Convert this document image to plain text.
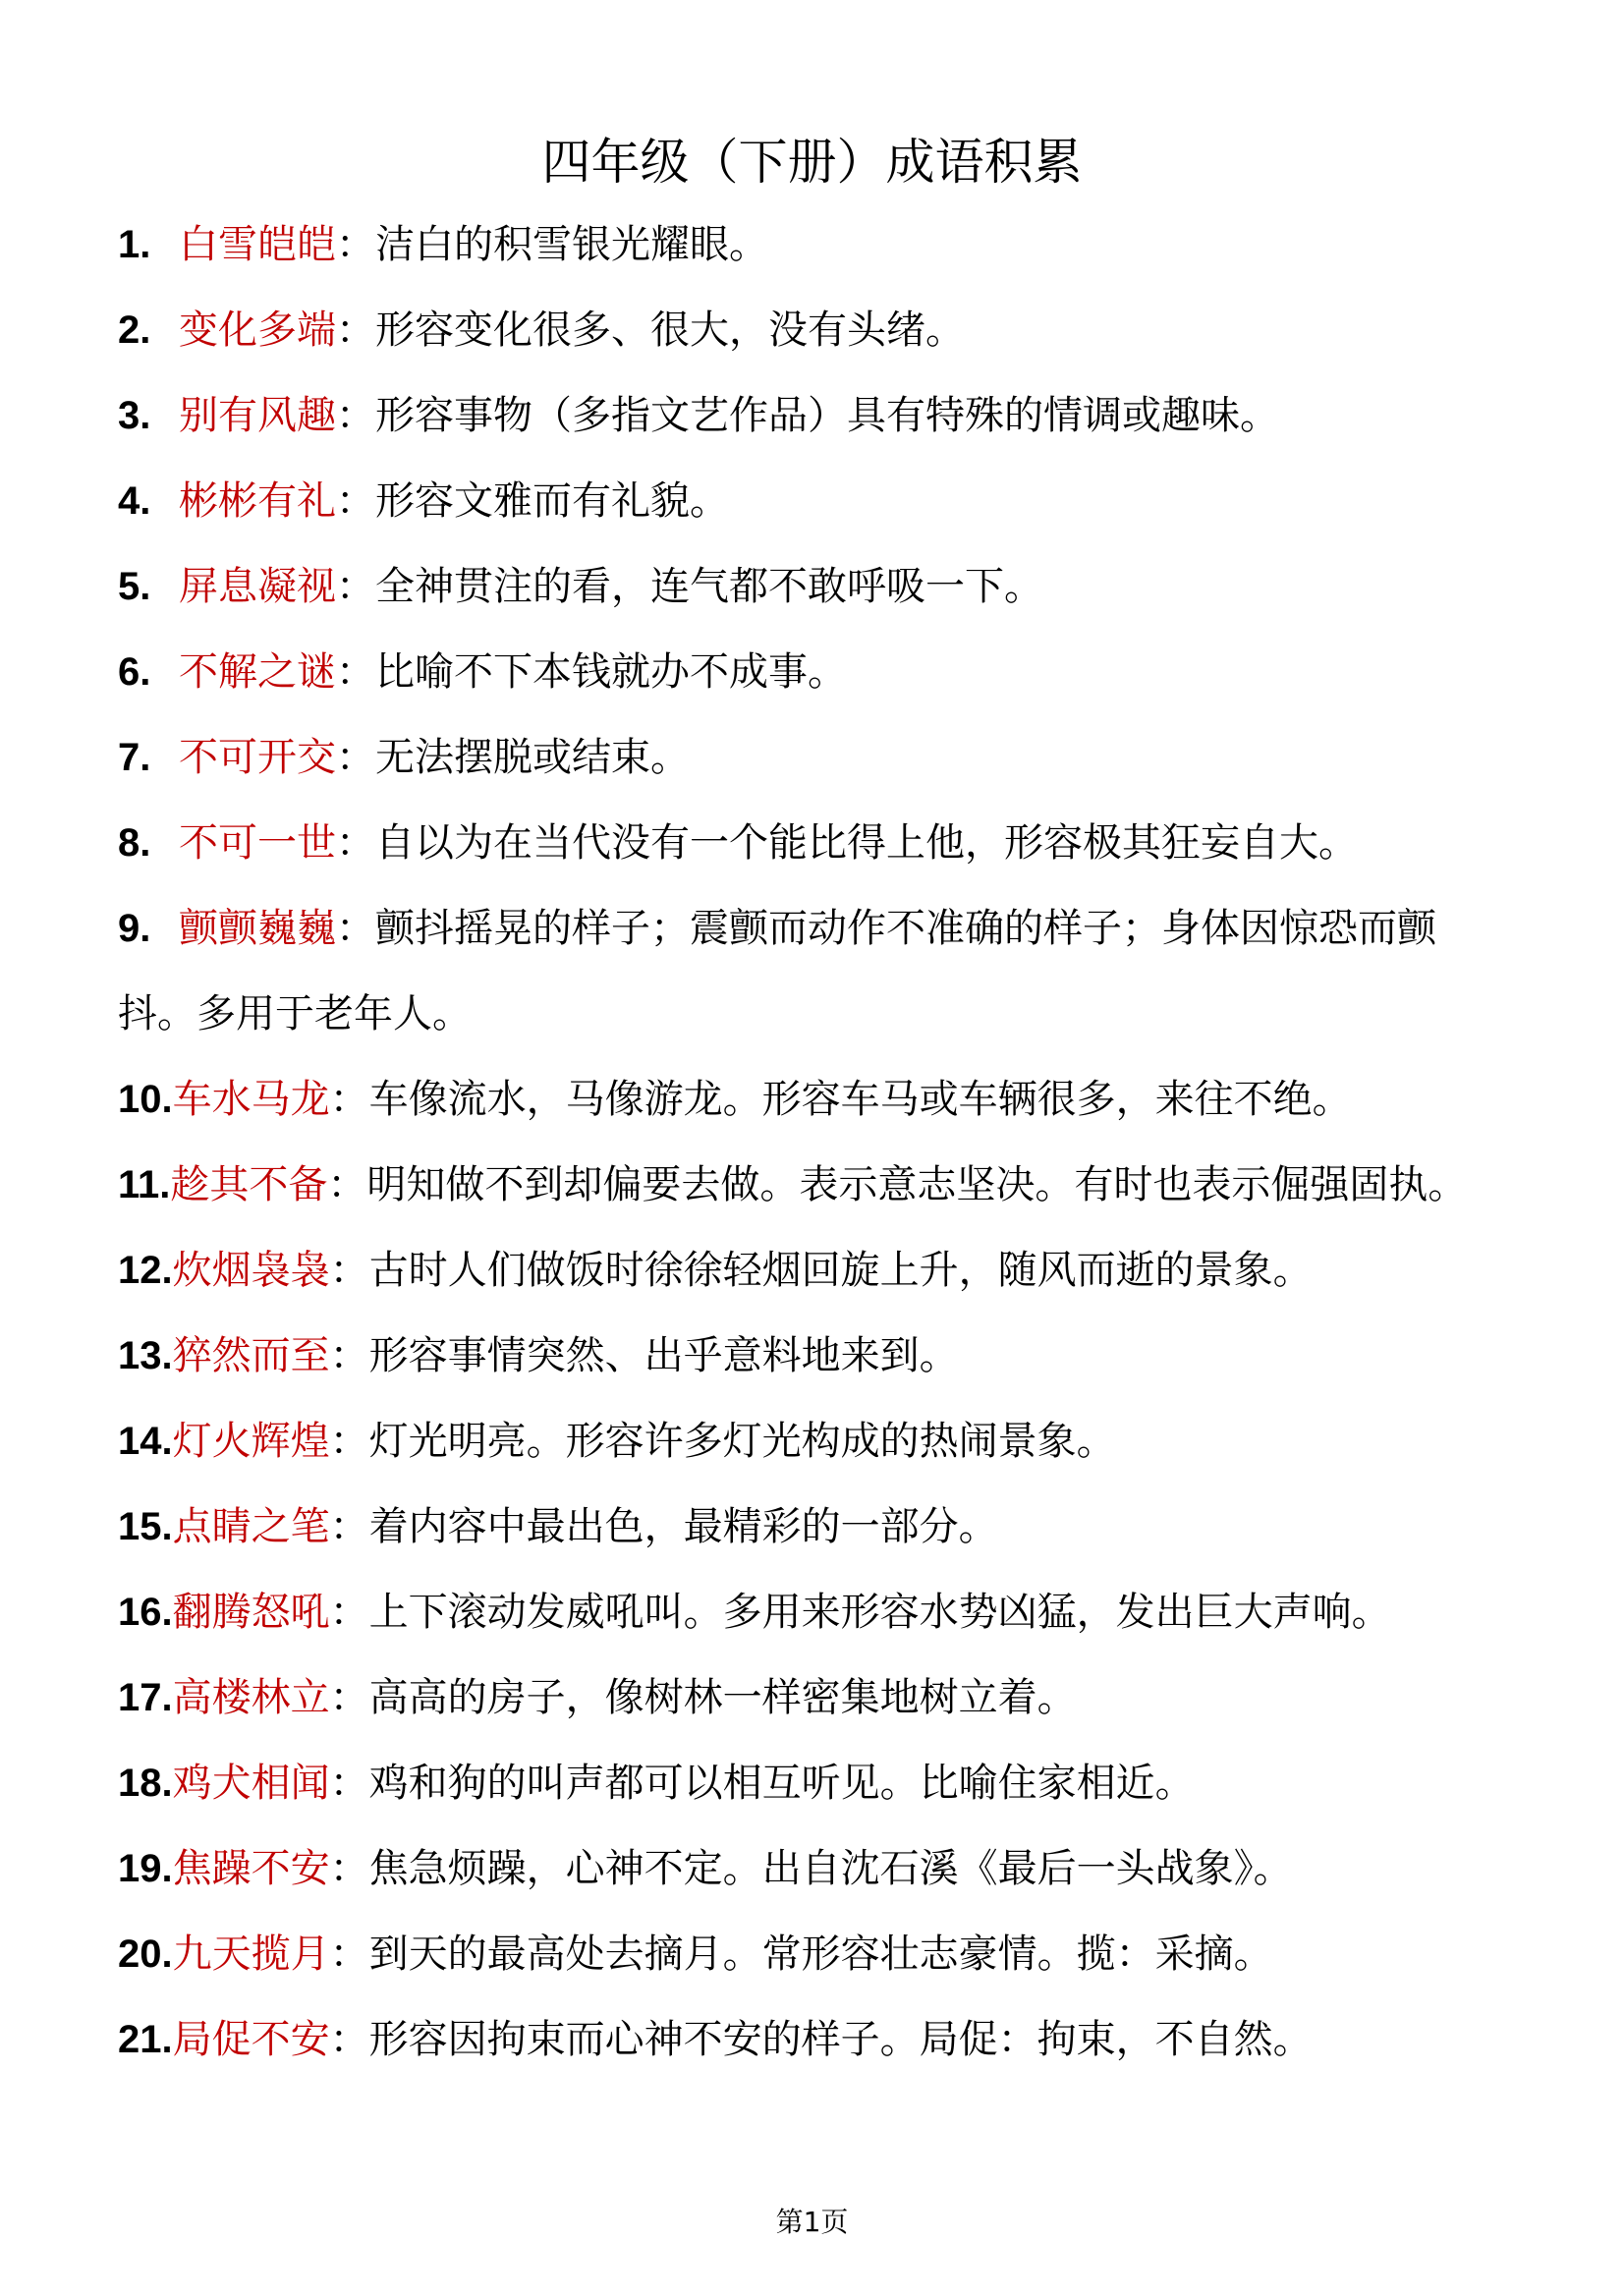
四年级（下册）成语积累
1. 白雪皑皑：洁白的积雪银光耀眼。
2. 变化多端：形容变化很多、很大，没有头绪。
3. 别有风趣：形容事物（多指文艺作品）具有特殊的情调或趣味。
4. 彬彬有礼：形容文雅而有礼貌。
5. 屏息凝视：全神贯注的看，连气都不敢呼吸一下。
6. 不解之谜：比喻不下本钱就办不成事。
7. 不可开交：无法摆脱或结束。
8. 不可一世：自以为在当代没有一个能比得上他，形容极其狂妄自大。
9. 颤颤巍巍：颤抖摇晃的样子；震颤而动作不准确的样子；身体因惊恐而颤抖。多用于老年人。
10.车水马龙：车像流水，马像游龙。形容车马或车辆很多，来往不绝。
11.趁其不备：明知做不到却偏要去做。表示意志坚决。有时也表示倔强固执。
12.炊烟袅袅：古时人们做饭时徐徐轻烟回旋上升，随风而逝的景象。
13.猝然而至：形容事情突然、出乎意料地来到。
14.灯火辉煌：灯光明亮。形容许多灯光构成的热闹景象。
15.点睛之笔：着内容中最出色，最精彩的一部分。
16.翻腾怒吼：上下滚动发威吼叫。多用来形容水势凶猛，发出巨大声响。
17.高楼林立：高高的房子，像树林一样密集地树立着。
18.鸡犬相闻：鸡和狗的叫声都可以相互听见。比喻住家相近。
19.焦躁不安：焦急烦躁，心神不定。出自沈石溪《最后一头战象》。
20.九天揽月：到天的最高处去摘月。常形容壮志豪情。揽：采摘。
21.局促不安：形容因拘束而心神不安的样子。局促：拘束，不自然。
第1页
